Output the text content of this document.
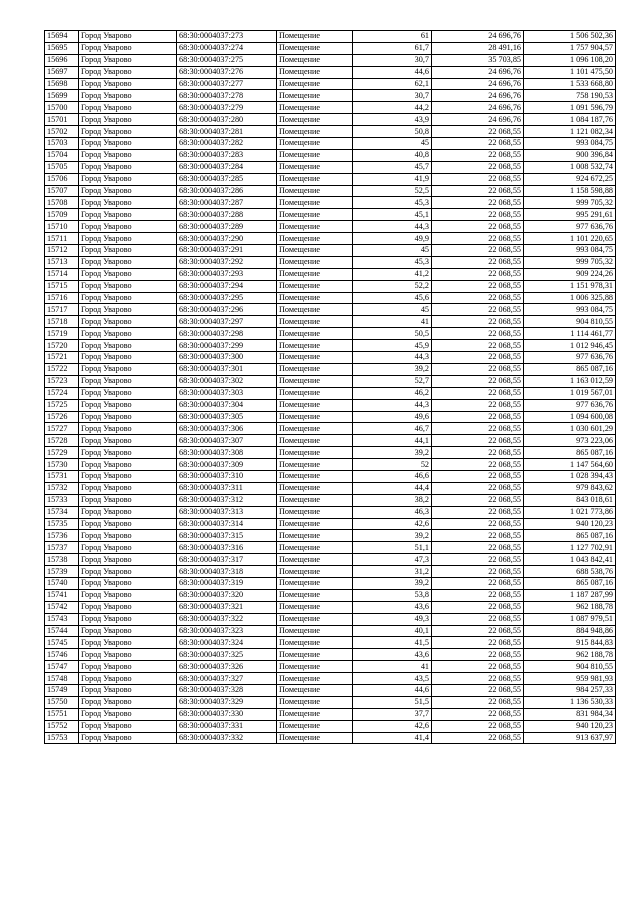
15694	Город Уварово	68:30:0004037:273	Помещение	61	24 696,76	1 506 502,36
15695	Город Уварово	68:30:0004037:274	Помещение	61,7	28 491,16	1 757 904,57
15696	Город Уварово	68:30:0004037:275	Помещение	30,7	35 703,85	1 096 108,20
15697	Город Уварово	68:30:0004037:276	Помещение	44,6	24 696,76	1 101 475,50
15698	Город Уварово	68:30:0004037:277	Помещение	62,1	24 696,76	1 533 668,80
15699	Город Уварово	68:30:0004037:278	Помещение	30,7	24 696,76	758 190,53
15700	Город Уварово	68:30:0004037:279	Помещение	44,2	24 696,76	1 091 596,79
15701	Город Уварово	68:30:0004037:280	Помещение	43,9	24 696,76	1 084 187,76
15702	Город Уварово	68:30:0004037:281	Помещение	50,8	22 068,55	1 121 082,34
15703	Город Уварово	68:30:0004037:282	Помещение	45	22 068,55	993 084,75
15704	Город Уварово	68:30:0004037:283	Помещение	40,8	22 068,55	900 396,84
15705	Город Уварово	68:30:0004037:284	Помещение	45,7	22 068,55	1 008 532,74
15706	Город Уварово	68:30:0004037:285	Помещение	41,9	22 068,55	924 672,25
15707	Город Уварово	68:30:0004037:286	Помещение	52,5	22 068,55	1 158 598,88
15708	Город Уварово	68:30:0004037:287	Помещение	45,3	22 068,55	999 705,32
15709	Город Уварово	68:30:0004037:288	Помещение	45,1	22 068,55	995 291,61
15710	Город Уварово	68:30:0004037:289	Помещение	44,3	22 068,55	977 636,76
15711	Город Уварово	68:30:0004037:290	Помещение	49,9	22 068,55	1 101 220,65
15712	Город Уварово	68:30:0004037:291	Помещение	45	22 068,55	993 084,75
15713	Город Уварово	68:30:0004037:292	Помещение	45,3	22 068,55	999 705,32
15714	Город Уварово	68:30:0004037:293	Помещение	41,2	22 068,55	909 224,26
15715	Город Уварово	68:30:0004037:294	Помещение	52,2	22 068,55	1 151 978,31
15716	Город Уварово	68:30:0004037:295	Помещение	45,6	22 068,55	1 006 325,88
15717	Город Уварово	68:30:0004037:296	Помещение	45	22 068,55	993 084,75
15718	Город Уварово	68:30:0004037:297	Помещение	41	22 068,55	904 810,55
15719	Город Уварово	68:30:0004037:298	Помещение	50,5	22 068,55	1 114 461,77
15720	Город Уварово	68:30:0004037:299	Помещение	45,9	22 068,55	1 012 946,45
15721	Город Уварово	68:30:0004037:300	Помещение	44,3	22 068,55	977 636,76
15722	Город Уварово	68:30:0004037:301	Помещение	39,2	22 068,55	865 087,16
15723	Город Уварово	68:30:0004037:302	Помещение	52,7	22 068,55	1 163 012,59
15724	Город Уварово	68:30:0004037:303	Помещение	46,2	22 068,55	1 019 567,01
15725	Город Уварово	68:30:0004037:304	Помещение	44,3	22 068,55	977 636,76
15726	Город Уварово	68:30:0004037:305	Помещение	49,6	22 068,55	1 094 600,08
15727	Город Уварово	68:30:0004037:306	Помещение	46,7	22 068,55	1 030 601,29
15728	Город Уварово	68:30:0004037:307	Помещение	44,1	22 068,55	973 223,06
15729	Город Уварово	68:30:0004037:308	Помещение	39,2	22 068,55	865 087,16
15730	Город Уварово	68:30:0004037:309	Помещение	52	22 068,55	1 147 564,60
15731	Город Уварово	68:30:0004037:310	Помещение	46,6	22 068,55	1 028 394,43
15732	Город Уварово	68:30:0004037:311	Помещение	44,4	22 068,55	979 843,62
15733	Город Уварово	68:30:0004037:312	Помещение	38,2	22 068,55	843 018,61
15734	Город Уварово	68:30:0004037:313	Помещение	46,3	22 068,55	1 021 773,86
15735	Город Уварово	68:30:0004037:314	Помещение	42,6	22 068,55	940 120,23
15736	Город Уварово	68:30:0004037:315	Помещение	39,2	22 068,55	865 087,16
15737	Город Уварово	68:30:0004037:316	Помещение	51,1	22 068,55	1 127 702,91
15738	Город Уварово	68:30:0004037:317	Помещение	47,3	22 068,55	1 043 842,41
15739	Город Уварово	68:30:0004037:318	Помещение	31,2	22 068,55	688 538,76
15740	Город Уварово	68:30:0004037:319	Помещение	39,2	22 068,55	865 087,16
15741	Город Уварово	68:30:0004037:320	Помещение	53,8	22 068,55	1 187 287,99
15742	Город Уварово	68:30:0004037:321	Помещение	43,6	22 068,55	962 188,78
15743	Город Уварово	68:30:0004037:322	Помещение	49,3	22 068,55	1 087 979,51
15744	Город Уварово	68:30:0004037:323	Помещение	40,1	22 068,55	884 948,86
15745	Город Уварово	68:30:0004037:324	Помещение	41,5	22 068,55	915 844,83
15746	Город Уварово	68:30:0004037:325	Помещение	43,6	22 068,55	962 188,78
15747	Город Уварово	68:30:0004037:326	Помещение	41	22 068,55	904 810,55
15748	Город Уварово	68:30:0004037:327	Помещение	43,5	22 068,55	959 981,93
15749	Город Уварово	68:30:0004037:328	Помещение	44,6	22 068,55	984 257,33
15750	Город Уварово	68:30:0004037:329	Помещение	51,5	22 068,55	1 136 530,33
15751	Город Уварово	68:30:0004037:330	Помещение	37,7	22 068,55	831 984,34
15752	Город Уварово	68:30:0004037:331	Помещение	42,6	22 068,55	940 120,23
15753	Город Уварово	68:30:0004037:332	Помещение	41,4	22 068,55	913 637,97
